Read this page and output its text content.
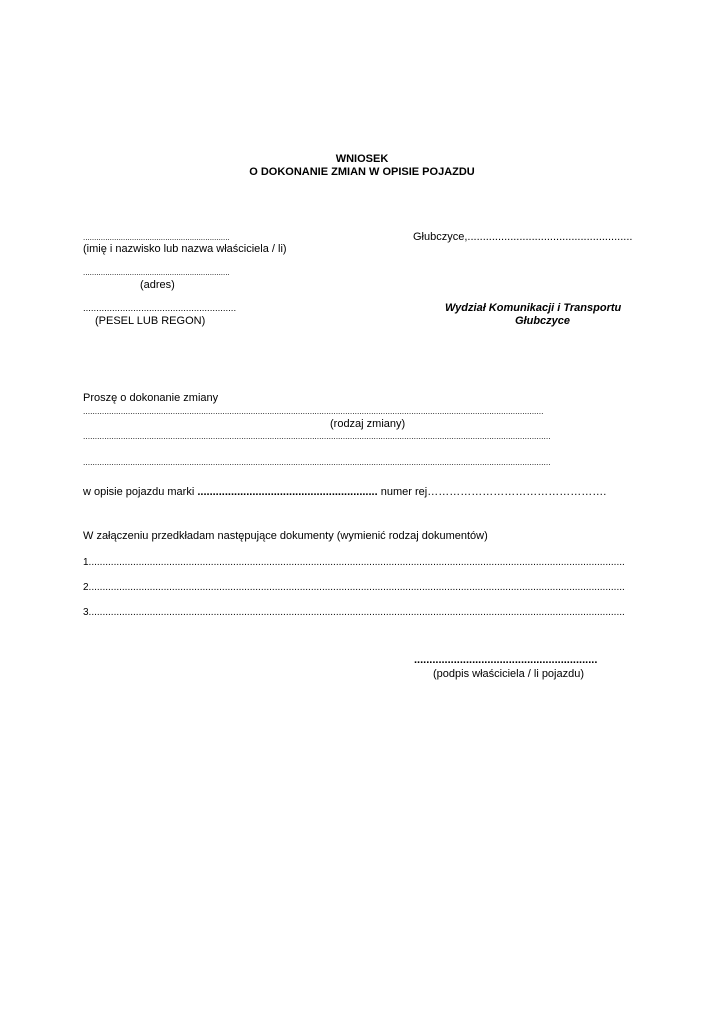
WNIOSEK
O DOKONANIE ZMIAN W OPISIE POJAZDU
..................................................................
(imię i nazwisko lub nazwa właściciela / li)
Głubczyce,......................................................
..................................................................
(adres)
..........................................................
(PESEL LUB REGON)
Wydział Komunikacji i Transportu
Głubczyce
Proszę o dokonanie zmiany
...................................................................................................................................................................................................
(rodzaj zmiany)
......................................................................................................................................................................................................
......................................................................................................................................................................................................
w opisie pojazdu marki ........................................................... numer rej………………………………………….
W załączeniu przedkładam następujące dokumenty (wymienić rodzaj dokumentów)
1.................................................................................................................................................................................................
2.................................................................................................................................................................................................
3.................................................................................................................................................................................................
............................................................
(podpis właściciela / li pojazdu)
